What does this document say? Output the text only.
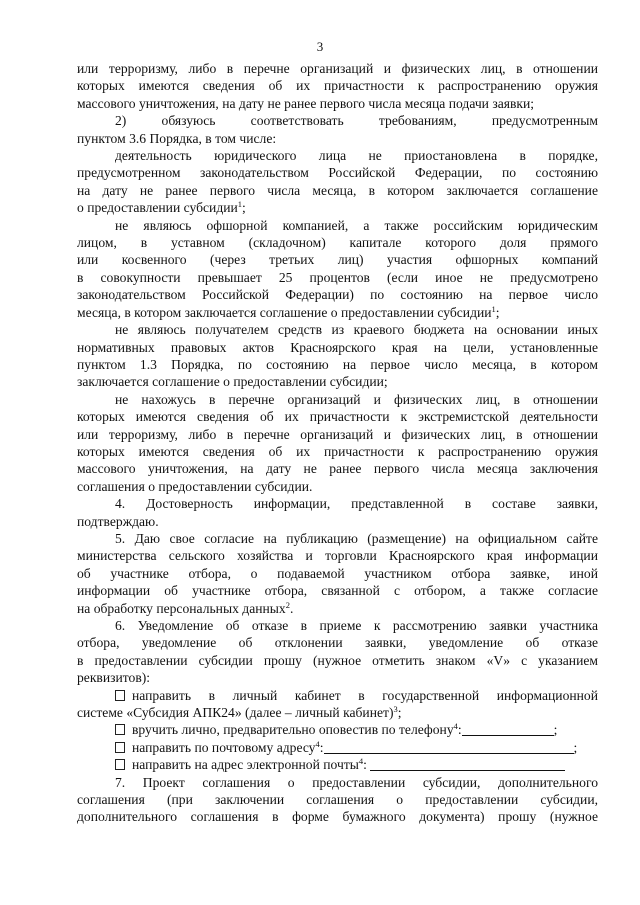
3
или терроризму, либо в перечне организаций и физических лиц, в отношении
которых имеются сведения об их причастности к распространению оружия
массового уничтожения, на дату не ранее первого числа месяца подачи заявки;
2) обязуюсь соответствовать требованиям, предусмотренным
пунктом 3.6 Порядка, в том числе:
деятельность юридического лица не приостановлена в порядке,
предусмотренном законодательством Российской Федерации, по состоянию
на дату не ранее первого числа месяца, в котором заключается соглашение
о предоставлении субсидии$^1$;
не являюсь офшорной компанией, а также российским юридическим
лицом, в уставном (складочном) капитале которого доля прямого
или косвенного (через третьих лиц) участия офшорных компаний
в совокупности превышает 25 процентов (если иное не предусмотрено
законодательством Российской Федерации) по состоянию на первое число
месяца, в котором заключается соглашение о предоставлении субсидии$^1$;
не являюсь получателем средств из краевого бюджета на основании иных
нормативных правовых актов Красноярского края на цели, установленные
пунктом 1.3 Порядка, по состоянию на первое число месяца, в котором
заключается соглашение о предоставлении субсидии;
не нахожусь в перечне организаций и физических лиц, в отношении
которых имеются сведения об их причастности к экстремистской деятельности
или терроризму, либо в перечне организаций и физических лиц, в отношении
которых имеются сведения об их причастности к распространению оружия
массового уничтожения, на дату не ранее первого числа месяца заключения
соглашения о предоставлении субсидии.
4. Достоверность информации, представленной в составе заявки,
подтверждаю.
5. Даю свое согласие на публикацию (размещение) на официальном сайте
министерства сельского хозяйства и торговли Красноярского края информации
об участнике отбора, о подаваемой участником отбора заявке, иной
информации об участнике отбора, связанной с отбором, а также согласие
на обработку персональных данных$^2$.
6. Уведомление об отказе в приеме к рассмотрению заявки участника
отбора, уведомление об отклонении заявки, уведомление об отказе
в предоставлении субсидии прошу (нужное отметить знаком «V» с указанием
реквизитов):
направить в личный кабинет в государственной информационной
системе «Субсидия АПК24» (далее – личный кабинет)$^3$;
вручить лично, предварительно оповестив по телефону$^4$:	;
направить по почтовому адресу$^4$:	;
направить на адрес электронной почты$^4$:
7. Проект соглашения о предоставлении субсидии, дополнительного
соглашения (при заключении соглашения о предоставлении субсидии,
дополнительного соглашения в форме бумажного документа) прошу (нужное
